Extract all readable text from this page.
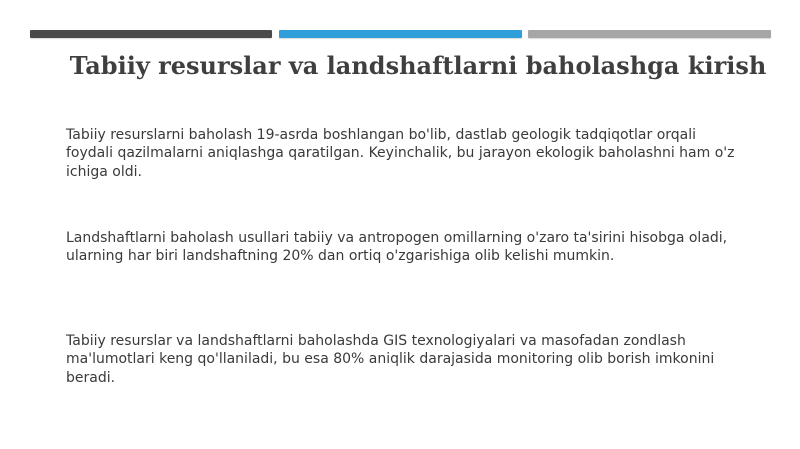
Tabiiy resurslar va landshaftlarni baholashga kirish

Tabiiy resurslarni baholash 19-asrda boshlangan bo'lib, dastlab geologik tadqiqotlar orqali foydali qazilmalarni aniqlashga qaratilgan. Keyinchalik, bu jarayon ekologik baholashni ham o'z ichiga oldi.

Landshaftlarni baholash usullari tabiiy va antropogen omillarning o'zaro ta'sirini hisobga oladi, ularning har biri landshaftning 20% dan ortiq o'zgarishiga olib kelishi mumkin.

Tabiiy resurslar va landshaftlarni baholashda GIS texnologiyalari va masofadan zondlash ma'lumotlari keng qo'llaniladi, bu esa 80% aniqlik darajasida monitoring olib borish imkonini beradi.
